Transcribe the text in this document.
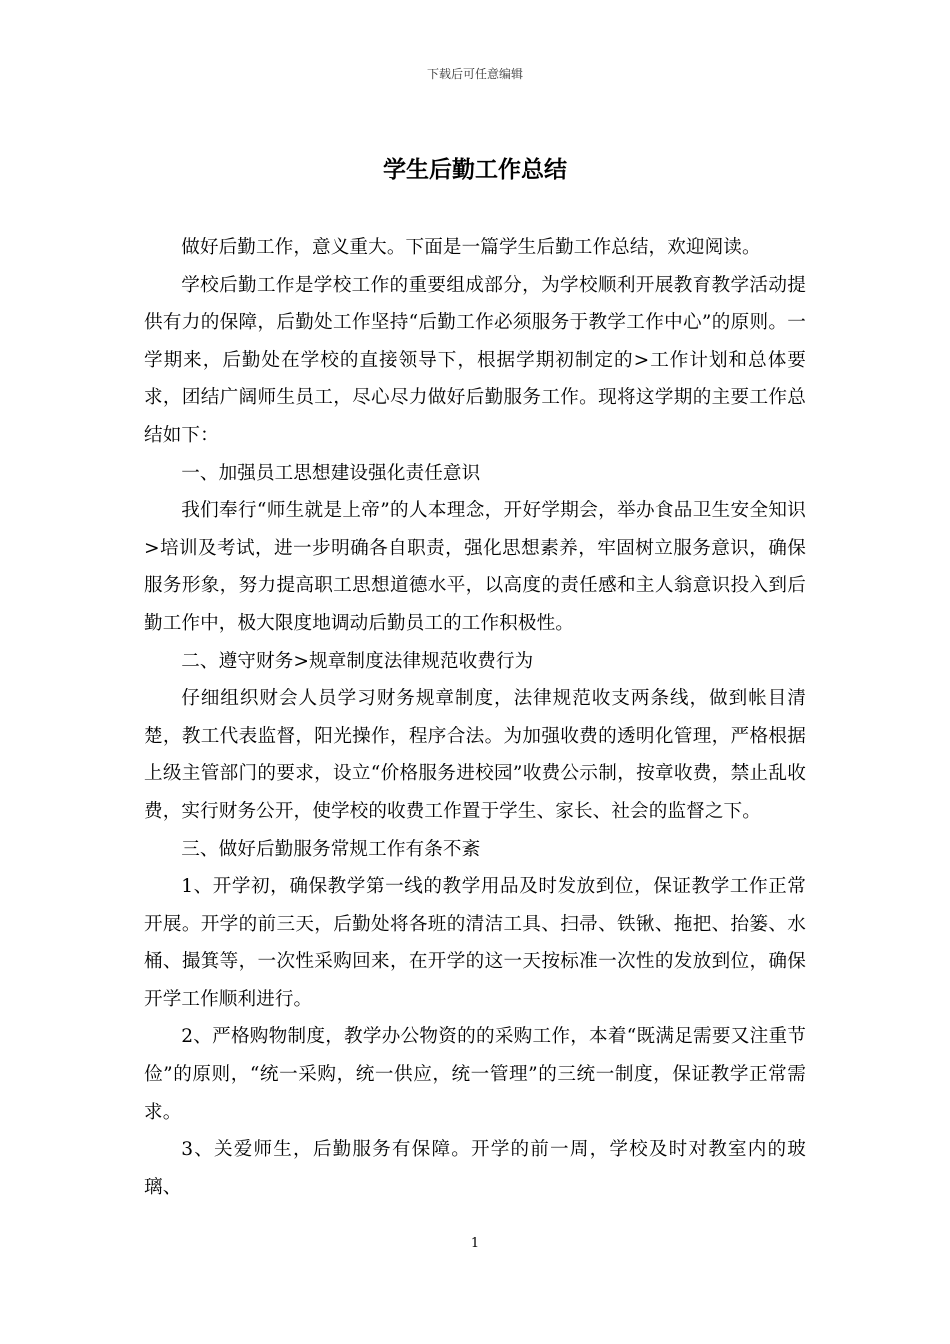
下载后可任意编辑
学生后勤工作总结

做好后勤工作，意义重大。下面是一篇学生后勤工作总结，欢迎阅读。

学校后勤工作是学校工作的重要组成部分，为学校顺利开展教育教学活动提供有力的保障，后勤处工作坚持“后勤工作必须服务于教学工作中心”的原则。一学期来，后勤处在学校的直接领导下，根据学期初制定的>工作计划和总体要求，团结广阔师生员工，尽心尽力做好后勤服务工作。现将这学期的主要工作总结如下：

一、加强员工思想建设强化责任意识

我们奉行“师生就是上帝”的人本理念，开好学期会，举办食品卫生安全知识>培训及考试，进一步明确各自职责，强化思想素养，牢固树立服务意识，确保服务形象，努力提高职工思想道德水平，以高度的责任感和主人翁意识投入到后勤工作中，极大限度地调动后勤员工的工作积极性。

二、遵守财务>规章制度法律规范收费行为

仔细组织财会人员学习财务规章制度，法律规范收支两条线，做到帐目清楚，教工代表监督，阳光操作，程序合法。为加强收费的透明化管理，严格根据上级主管部门的要求，设立“价格服务进校园”收费公示制，按章收费，禁止乱收费，实行财务公开，使学校的收费工作置于学生、家长、社会的监督之下。

三、做好后勤服务常规工作有条不紊

1、开学初，确保教学第一线的教学用品及时发放到位，保证教学工作正常开展。开学的前三天，后勤处将各班的清洁工具、扫帚、铁锹、拖把、抬篓、水桶、撮箕等，一次性采购回来，在开学的这一天按标准一次性的发放到位，确保开学工作顺利进行。

2、严格购物制度，教学办公物资的的采购工作，本着“既满足需要又注重节俭”的原则，“统一采购，统一供应，统一管理”的三统一制度，保证教学正常需求。

3、关爱师生，后勤服务有保障。开学的前一周，学校及时对教室内的玻璃、

1
